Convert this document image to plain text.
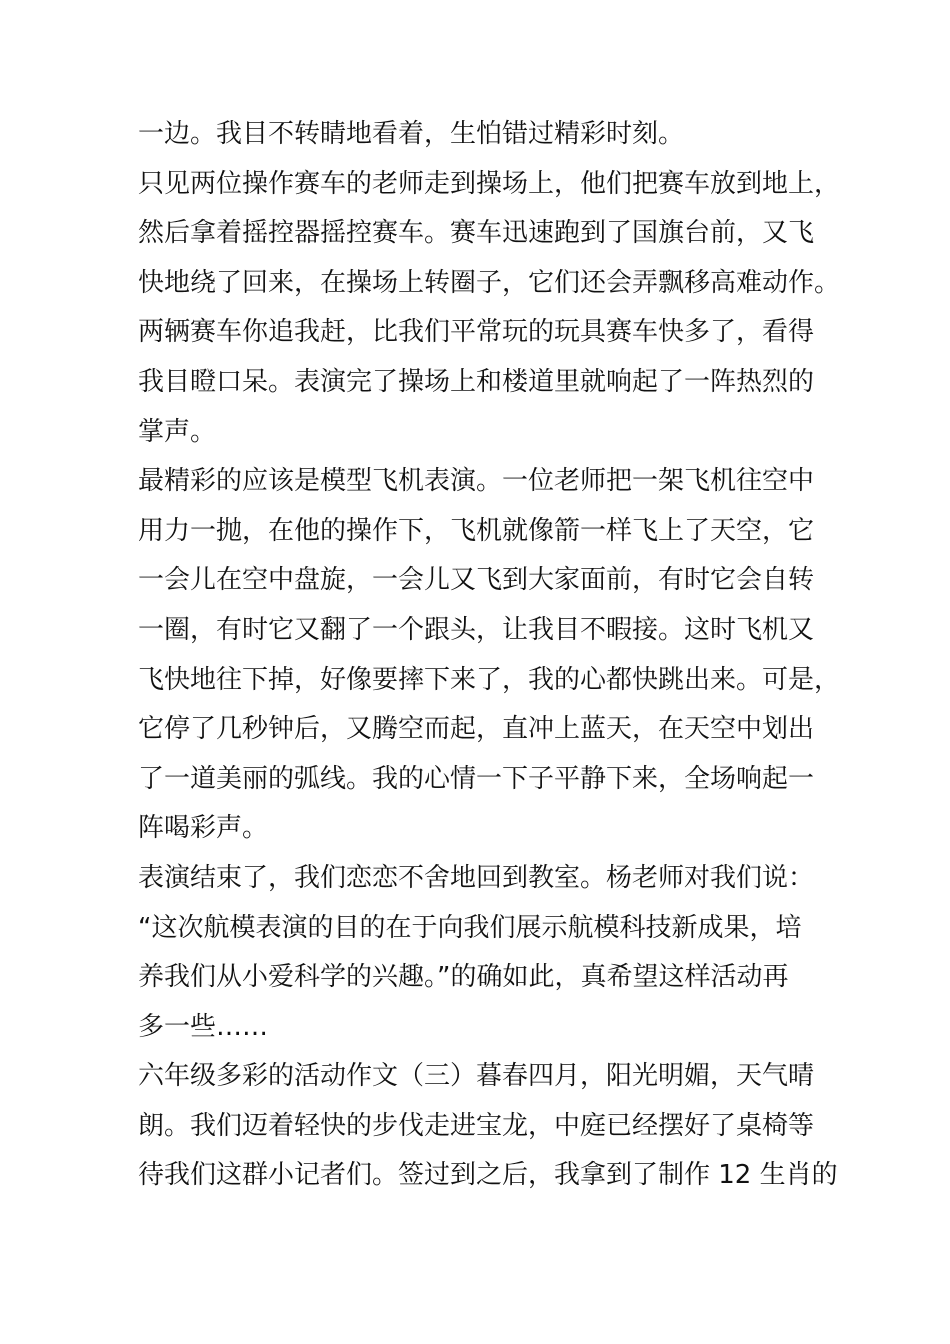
一边。我目不转睛地看着，生怕错过精彩时刻。
只见两位操作赛车的老师走到操场上，他们把赛车放到地上，
然后拿着摇控器摇控赛车。赛车迅速跑到了国旗台前，又飞
快地绕了回来，在操场上转圈子，它们还会弄飘移高难动作。
两辆赛车你追我赶，比我们平常玩的玩具赛车快多了，看得
我目瞪口呆。表演完了操场上和楼道里就响起了一阵热烈的
掌声。
最精彩的应该是模型飞机表演。一位老师把一架飞机往空中
用力一抛，在他的操作下，飞机就像箭一样飞上了天空，它
一会儿在空中盘旋，一会儿又飞到大家面前，有时它会自转
一圈，有时它又翻了一个跟头，让我目不暇接。这时飞机又
飞快地往下掉，好像要摔下来了，我的心都快跳出来。可是，
它停了几秒钟后，又腾空而起，直冲上蓝天，在天空中划出
了一道美丽的弧线。我的心情一下子平静下来，全场响起一
阵喝彩声。
表演结束了，我们恋恋不舍地回到教室。杨老师对我们说：
“这次航模表演的目的在于向我们展示航模科技新成果，培
养我们从小爱科学的兴趣。”的确如此，真希望这样活动再
多一些……
六年级多彩的活动作文（三）暮春四月，阳光明媚，天气晴
朗。我们迈着轻快的步伐走进宝龙，中庭已经摆好了桌椅等
待我们这群小记者们。签过到之后，我拿到了制作 12 生肖的
